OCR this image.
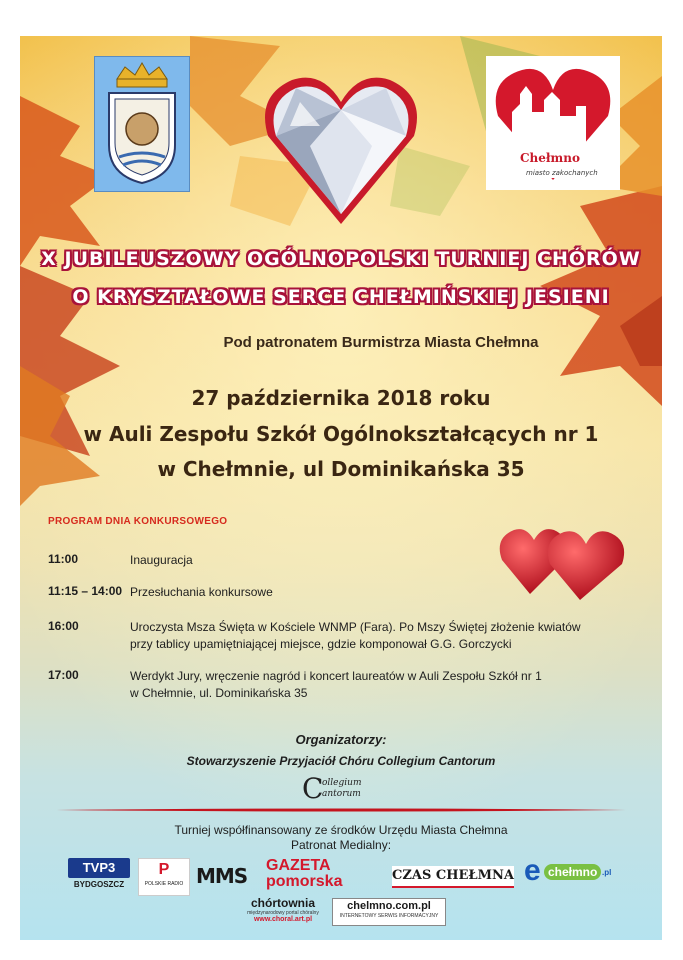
Chełmno
miasto zakochanych
X JUBILEUSZOWY OGÓLNOPOLSKI TURNIEJ CHÓRÓW
O KRYSZTAŁOWE SERCE CHEŁMIŃSKIEJ JESIENI
Pod patronatem Burmistrza Miasta Chełmna
27 października 2018 roku
w Auli Zespołu Szkół Ogólnokształcących nr 1
w Chełmnie, ul Dominikańska 35
PROGRAM DNIA KONKURSOWEGO
11:00	Inauguracja
11:15 – 14:00 Przesłuchania konkursowe
16:00	Uroczysta Msza Święta w Kościele WNMP (Fara). Po Mszy Świętej złożenie kwiatów
przy tablicy upamiętniającej miejsce, gdzie komponował G.G. Gorczycki
17:00	Werdykt Jury, wręczenie nagród i koncert laureatów w Auli Zespołu Szkół nr 1
w Chełmnie, ul. Dominikańska 35
Organizatorzy:
Stowarzyszenie Przyjaciół Chóru Collegium Cantorum
C
ollegium
antorum
Turniej współfinansowany ze środków Urzędu Miasta Chełmna
Patronat Medialny:
TVP3
BYDGOSZCZ
P
POLSKIE RADIO MMS GAZETA
pomorska	CZAS CHEŁMNA e chełmno .pl
chórtownia
międzynarodowy portal chóralny
www.choral.art.pl
chelmno.com.pl
INTERNETOWY SERWIS INFORMACYJNY
